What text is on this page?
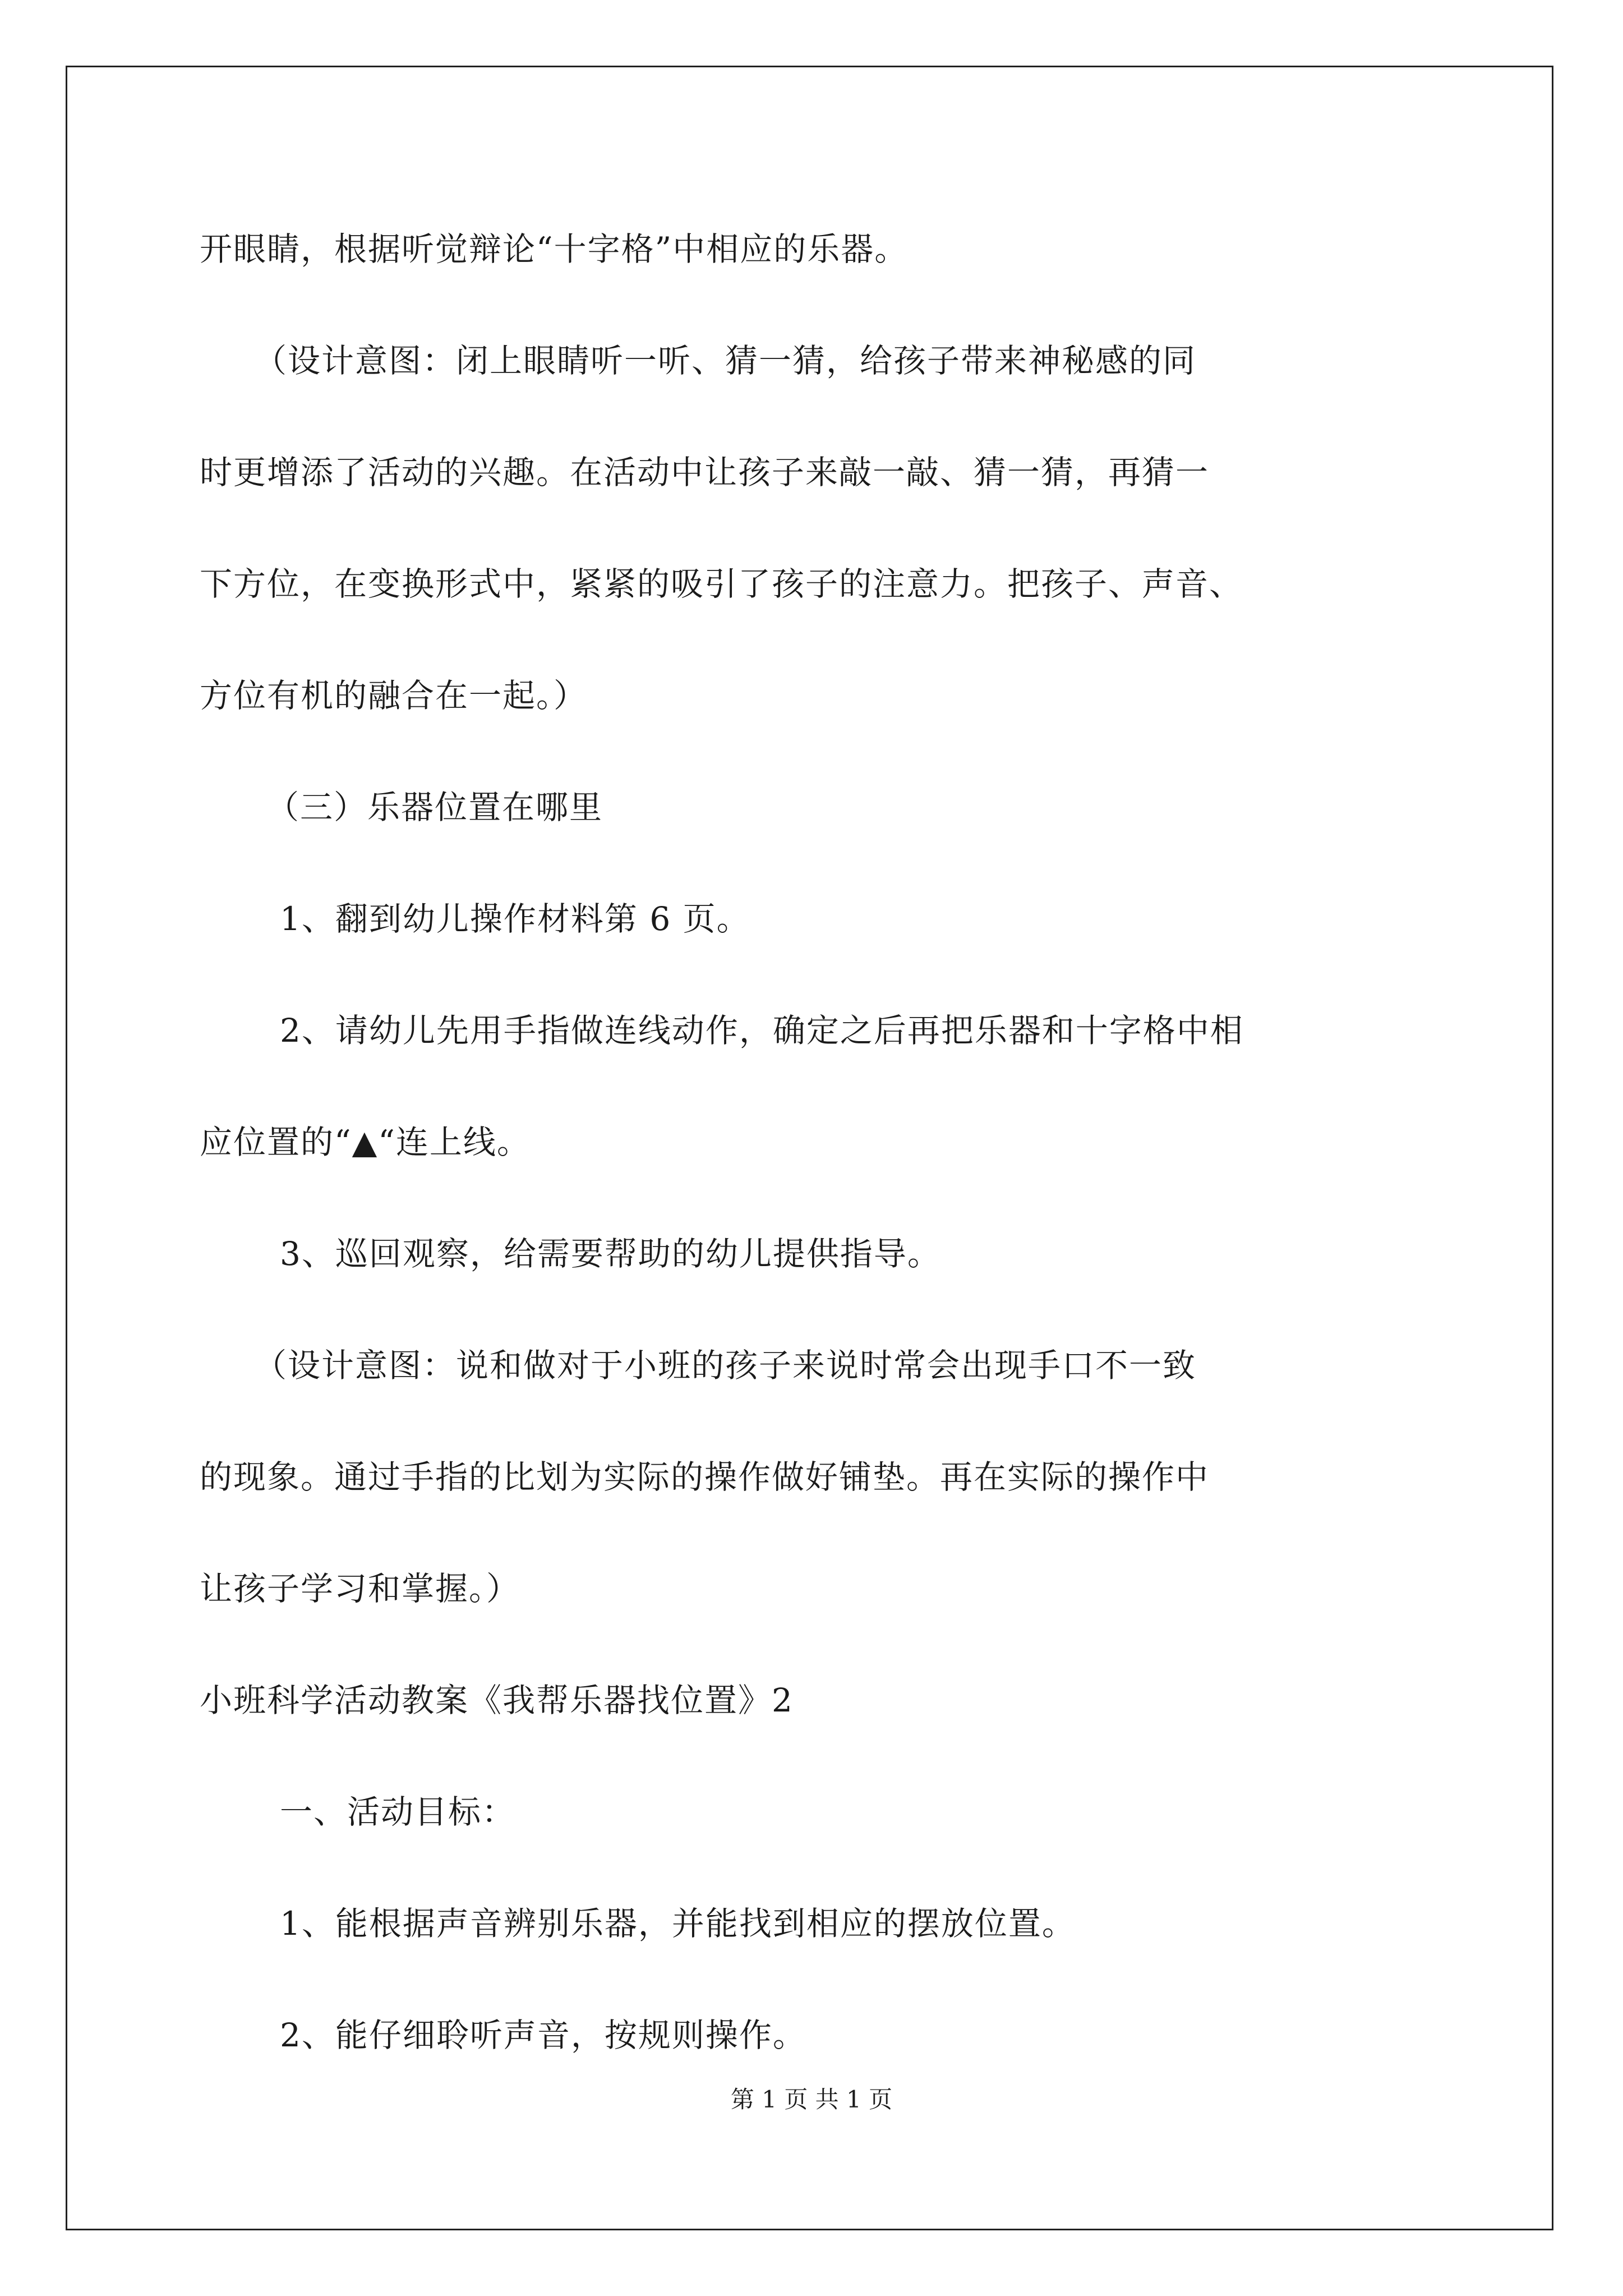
开眼睛，根据听觉辩论“十字格”中相应的乐器。
（设计意图：闭上眼睛听一听、猜一猜，给孩子带来神秘感的同
时更增添了活动的兴趣。在活动中让孩子来敲一敲、猜一猜，再猜一
下方位，在变换形式中，紧紧的吸引了孩子的注意力。把孩子、声音、
方位有机的融合在一起。）
（三）乐器位置在哪里
1、翻到幼儿操作材料第 6 页。
2、请幼儿先用手指做连线动作，确定之后再把乐器和十字格中相
应位置的“▲“连上线。
3、巡回观察，给需要帮助的幼儿提供指导。
（设计意图：说和做对于小班的孩子来说时常会出现手口不一致
的现象。通过手指的比划为实际的操作做好铺垫。再在实际的操作中
让孩子学习和掌握。）
小班科学活动教案《我帮乐器找位置》2
一、活动目标：
1、能根据声音辨别乐器，并能找到相应的摆放位置。
2、能仔细聆听声音，按规则操作。
第 1 页 共 1 页
